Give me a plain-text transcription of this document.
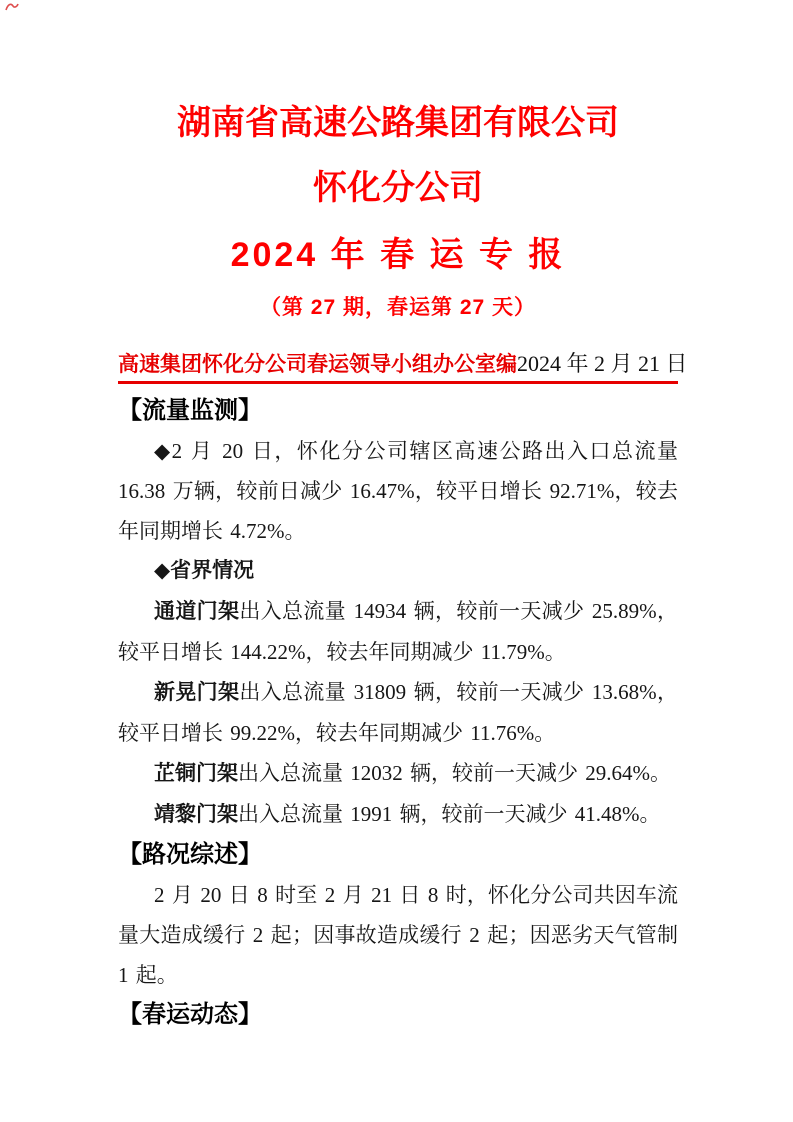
湖南省高速公路集团有限公司
怀化分公司
2024 年 春 运 专 报
（第 27 期，春运第 27 天）
高速集团怀化分公司春运领导小组办公室编 2024 年 2 月 21 日
【流量监测】

◆2 月 20 日，怀化分公司辖区高速公路出入口总流量 16.38 万辆，较前日减少 16.47%，较平日增长 92.71%，较去年同期增长 4.72%。

◆省界情况

通道门架出入总流量 14934 辆，较前一天减少 25.89%，较平日增长 144.22%，较去年同期减少 11.79%。

新晃门架出入总流量 31809 辆，较前一天减少 13.68%，较平日增长 99.22%，较去年同期减少 11.76%。

芷铜门架出入总流量 12032 辆，较前一天减少 29.64%。

靖黎门架出入总流量 1991 辆，较前一天减少 41.48%。

【路况综述】

2 月 20 日 8 时至 2 月 21 日 8 时，怀化分公司共因车流量大造成缓行 2 起；因事故造成缓行 2 起；因恶劣天气管制 1 起。

【春运动态】
